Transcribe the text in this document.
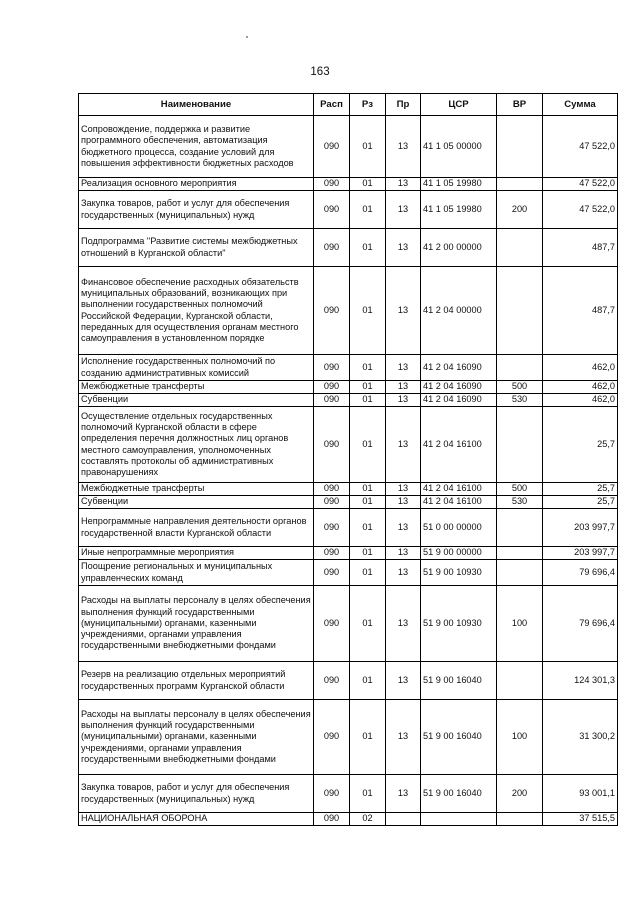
163
Наименование	Расп	Рз	Пр	ЦСР	ВР	Сумма
Сопровождение, поддержка и развитие программного обеспечения, автоматизация бюджетного процесса, создание условий для повышения эффективности бюджетных расходов	090	01	13	41 1 05 00000		47 522,0
Реализация основного мероприятия	090	01	13	41 1 05 19980		47 522,0
Закупка товаров, работ и услуг для обеспечения государственных (муниципальных) нужд	090	01	13	41 1 05 19980	200	47 522,0
Подпрограмма "Развитие системы межбюджетных отношений в Курганской области"	090	01	13	41 2 00 00000		487,7
Финансовое обеспечение расходных обязательств муниципальных образований, возникающих при выполнении государственных полномочий Российской Федерации, Курганской области, переданных для осуществления органам местного самоуправления в установленном порядке	090	01	13	41 2 04 00000		487,7
Исполнение государственных полномочий по созданию административных комиссий	090	01	13	41 2 04 16090		462,0
Межбюджетные трансферты	090	01	13	41 2 04 16090	500	462,0
Субвенции	090	01	13	41 2 04 16090	530	462,0
Осуществление отдельных государственных полномочий Курганской области в сфере определения перечня должностных лиц органов местного самоуправления, уполномоченных составлять протоколы об административных правонарушениях	090	01	13	41 2 04 16100		25,7
Межбюджетные трансферты	090	01	13	41 2 04 16100	500	25,7
Субвенции	090	01	13	41 2 04 16100	530	25,7
Непрограммные направления деятельности органов государственной власти Курганской области	090	01	13	51 0 00 00000		203 997,7
Иные непрограммные мероприятия	090	01	13	51 9 00 00000		203 997,7
Поощрение региональных и муниципальных управленческих команд	090	01	13	51 9 00 10930		79 696,4
Расходы на выплаты персоналу в целях обеспечения выполнения функций государственными (муниципальными) органами, казенными учреждениями, органами управления государственными внебюджетными фондами	090	01	13	51 9 00 10930	100	79 696,4
Резерв на реализацию отдельных мероприятий государственных программ Курганской области	090	01	13	51 9 00 16040		124 301,3
Расходы на выплаты персоналу в целях обеспечения выполнения функций государственными (муниципальными) органами, казенными учреждениями, органами управления государственными внебюджетными фондами	090	01	13	51 9 00 16040	100	31 300,2
Закупка товаров, работ и услуг для обеспечения государственных (муниципальных) нужд	090	01	13	51 9 00 16040	200	93 001,1
НАЦИОНАЛЬНАЯ ОБОРОНА	090	02				37 515,5
